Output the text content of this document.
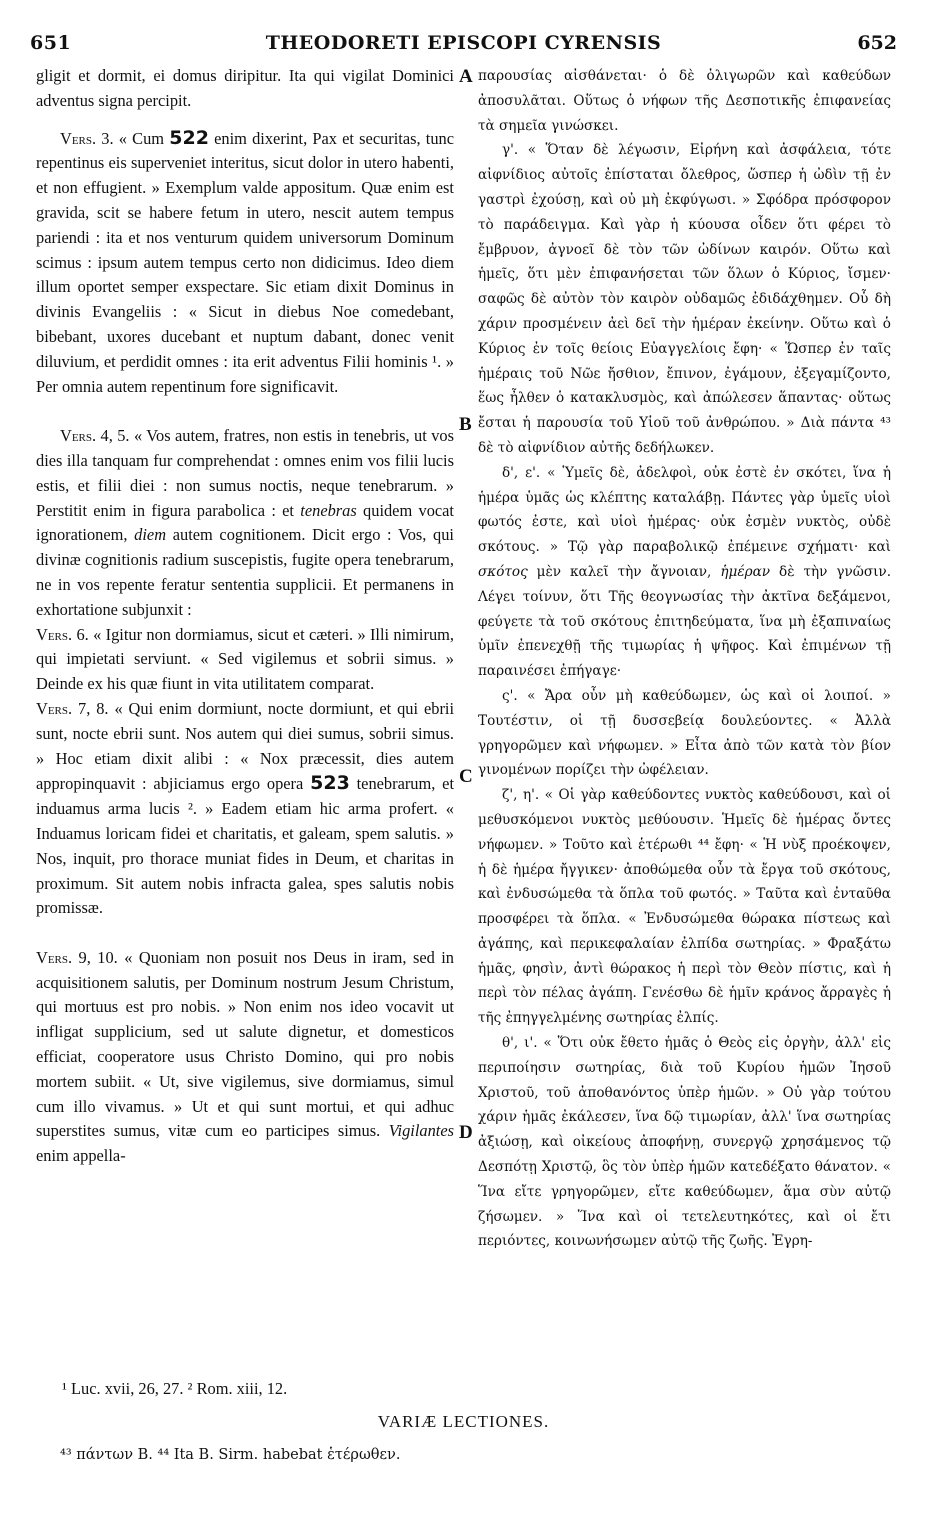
651	THEODORETI EPISCOPI CYRENSIS	652

gligit et dormit, ei domus diripitur. Ita qui vigilat Dominici adventus signa percipit.

Vers. 3. « Cum 522 enim dixerint, Pax et securitas, tunc repentinus eis superveniet interitus, sicut dolor in utero habenti, et non effugient. » Exemplum valde appositum. Quæ enim est gravida, scit se habere fetum in utero, nescit autem tempus pariendi : ita et nos venturum quidem universorum Dominum scimus : ipsum autem tempus certo non didicimus. Ideo diem illum oportet semper exspectare. Sic etiam dixit Dominus in divinis Evangeliis : « Sicut in diebus Noe comedebant, bibebant, uxores ducebant et nuptum dabant, donec venit diluvium, et perdidit omnes : ita erit adventus Filii hominis ¹. » Per omnia autem repentinum fore significavit.

Vers. 4, 5. « Vos autem, fratres, non estis in tenebris, ut vos dies illa tanquam fur comprehendat : omnes enim vos filii lucis estis, et filii diei : non sumus noctis, neque tenebrarum. » Perstitit enim in figura parabolica : et tenebras quidem vocat ignorationem, diem autem cognitionem. Dicit ergo : Vos, qui divinæ cognitionis radium suscepistis, fugite opera tenebrarum, ne in vos repente feratur sententia supplicii. Et permanens in exhortatione subjunxit :

Vers. 6. « Igitur non dormiamus, sicut et cæteri. » Illi nimirum, qui impietati serviunt. « Sed vigilemus et sobrii simus. » Deinde ex his quæ fiunt in vita utilitatem comparat.

Vers. 7, 8. « Qui enim dormiunt, nocte dormiunt, et qui ebrii sunt, nocte ebrii sunt. Nos autem qui diei sumus, sobrii simus. » Hoc etiam dixit alibi : « Nox præcessit, dies autem appropinquavit : abjiciamus ergo opera 523 tenebrarum, et induamus arma lucis ². » Eadem etiam hic arma profert. « Induamus loricam fidei et charitatis, et galeam, spem salutis. » Nos, inquit, pro thorace muniat fides in Deum, et charitas in proximum. Sit autem nobis infracta galea, spes salutis nobis promissæ.

Vers. 9, 10. « Quoniam non posuit nos Deus in iram, sed in acquisitionem salutis, per Dominum nostrum Jesum Christum, qui mortuus est pro nobis. » Non enim nos ideo vocavit ut infligat supplicium, sed ut salute dignetur, et domesticos efficiat, cooperatore usus Christo Domino, qui pro nobis mortem subiit. « Ut, sive vigilemus, sive dormiamus, simul cum illo vivamus. » Ut et qui sunt mortui, et qui adhuc superstites sumus, vitæ cum eo participes simus. Vigilantes enim appella-

A
B
C
D

παρουσίας αἰσθάνεται· ὁ δὲ ὀλιγωρῶν καὶ καθεύδων ἀποσυλᾶται. Οὕτως ὁ νήφων τῆς Δεσποτικῆς ἐπιφανείας τὰ σημεῖα γινώσκει.

γ'. « Ὅταν δὲ λέγωσιν, Εἰρήνη καὶ ἀσφάλεια, τότε αἰφνίδιος αὐτοῖς ἐπίσταται ὄλεθρος, ὥσπερ ἡ ὠδὶν τῇ ἐν γαστρὶ ἐχούσῃ, καὶ οὐ μὴ ἐκφύγωσι. » Σφόδρα πρόσφορον τὸ παράδειγμα. Καὶ γὰρ ἡ κύουσα οἶδεν ὅτι φέρει τὸ ἔμβρυον, ἀγνοεῖ δὲ τὸν τῶν ὠδίνων καιρόν. Οὕτω καὶ ἡμεῖς, ὅτι μὲν ἐπιφανήσεται τῶν ὅλων ὁ Κύριος, ἴσμεν· σαφῶς δὲ αὐτὸν τὸν καιρὸν οὐδαμῶς ἐδιδάχθημεν. Οὗ δὴ χάριν προσμένειν ἀεὶ δεῖ τὴν ἡμέραν ἐκείνην. Οὕτω καὶ ὁ Κύριος ἐν τοῖς θείοις Εὐαγγελίοις ἔφη· « Ὥσπερ ἐν ταῖς ἡμέραις τοῦ Νῶε ἤσθιον, ἔπινον, ἐγάμουν, ἐξεγαμίζοντο, ἕως ἦλθεν ὁ κατακλυσμὸς, καὶ ἀπώλεσεν ἅπαντας· οὕτως ἔσται ἡ παρουσία τοῦ Υἱοῦ τοῦ ἀνθρώπου. » Διὰ πάντα ⁴³ δὲ τὸ αἰφνίδιον αὐτῆς δεδήλωκεν.

δ', ε'. « Ὑμεῖς δὲ, ἀδελφοὶ, οὐκ ἐστὲ ἐν σκότει, ἵνα ἡ ἡμέρα ὑμᾶς ὡς κλέπτης καταλάβῃ. Πάντες γὰρ ὑμεῖς υἱοὶ φωτός ἐστε, καὶ υἱοὶ ἡμέρας· οὐκ ἐσμὲν νυκτὸς, οὐδὲ σκότους. » Τῷ γὰρ παραβολικῷ ἐπέμεινε σχήματι· καὶ σκότος μὲν καλεῖ τὴν ἄγνοιαν, ἡμέραν δὲ τὴν γνῶσιν. Λέγει τοίνυν, ὅτι Τῆς θεογνωσίας τὴν ἀκτῖνα δεξάμενοι, φεύγετε τὰ τοῦ σκότους ἐπιτηδεύματα, ἵνα μὴ ἐξαπιναίως ὑμῖν ἐπενεχθῇ τῆς τιμωρίας ἡ ψῆφος. Καὶ ἐπιμένων τῇ παραινέσει ἐπήγαγε·

ς'. « Ἄρα οὖν μὴ καθεύδωμεν, ὡς καὶ οἱ λοιποί. » Τουτέστιν, οἱ τῇ δυσσεβείᾳ δουλεύοντες. « Ἀλλὰ γρηγορῶμεν καὶ νήφωμεν. » Εἶτα ἀπὸ τῶν κατὰ τὸν βίον γινομένων πορίζει τὴν ὠφέλειαν.

ζ', η'. « Οἱ γὰρ καθεύδοντες νυκτὸς καθεύδουσι, καὶ οἱ μεθυσκόμενοι νυκτὸς μεθύουσιν. Ἡμεῖς δὲ ἡμέρας ὄντες νήφωμεν. » Τοῦτο καὶ ἑτέρωθι ⁴⁴ ἔφη· « Ἡ νὺξ προέκοψεν, ἡ δὲ ἡμέρα ἤγγικεν· ἀποθώμεθα οὖν τὰ ἔργα τοῦ σκότους, καὶ ἐνδυσώμεθα τὰ ὅπλα τοῦ φωτός. » Ταῦτα καὶ ἐνταῦθα προσφέρει τὰ ὅπλα. « Ἐνδυσώμεθα θώρακα πίστεως καὶ ἀγάπης, καὶ περικεφαλαίαν ἐλπίδα σωτηρίας. » Φραξάτω ἡμᾶς, φησὶν, ἀντὶ θώρακος ἡ περὶ τὸν Θεὸν πίστις, καὶ ἡ περὶ τὸν πέλας ἀγάπη. Γενέσθω δὲ ἡμῖν κράνος ἄρραγὲς ἡ τῆς ἐπηγγελμένης σωτηρίας ἐλπίς.

θ', ι'. « Ὅτι οὐκ ἔθετο ἡμᾶς ὁ Θεὸς εἰς ὀργὴν, ἀλλ' εἰς περιποίησιν σωτηρίας, διὰ τοῦ Κυρίου ἡμῶν Ἰησοῦ Χριστοῦ, τοῦ ἀποθανόντος ὑπὲρ ἡμῶν. » Οὐ γὰρ τούτου χάριν ἡμᾶς ἐκάλεσεν, ἵνα δῷ τιμωρίαν, ἀλλ' ἵνα σωτηρίας ἀξιώσῃ, καὶ οἰκείους ἀποφήνῃ, συνεργῷ χρησάμενος τῷ Δεσπότῃ Χριστῷ, ὃς τὸν ὑπὲρ ἡμῶν κατεδέξατο θάνατον. « Ἵνα εἴτε γρηγορῶμεν, εἴτε καθεύδωμεν, ἅμα σὺν αὐτῷ ζήσωμεν. » Ἵνα καὶ οἱ τετελευτηκότες, καὶ οἱ ἔτι περιόντες, κοινωνήσωμεν αὐτῷ τῆς ζωῆς. Ἐγρη-

¹ Luc. xvii, 26, 27. ² Rom. xiii, 12.
VARIÆ LECTIONES.
⁴³ πάντων B. ⁴⁴ Ita B. Sirm. habebat ἑτέρωθεν.
